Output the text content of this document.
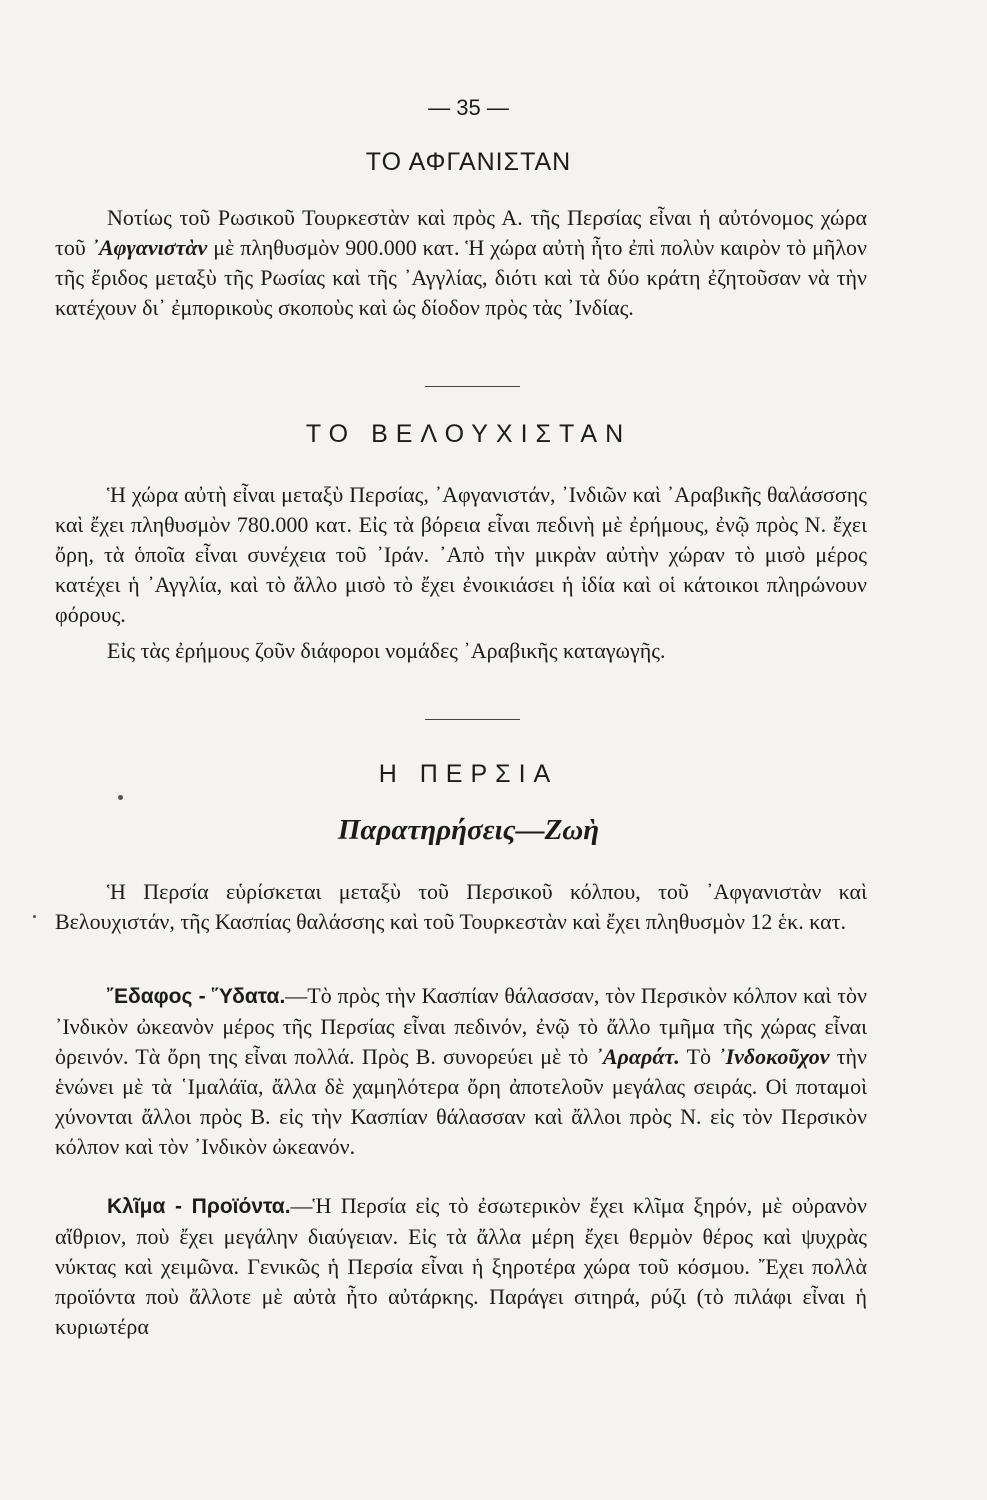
— 35 —
ΤΟ ΑΦΓΑΝΙΣΤΑΝ

Νοτίως τοῦ Ρωσικοῦ Τουρκεστὰν καὶ πρὸς Α. τῆς Περσίας εἶναι ἡ αὐτόνομος χώρα τοῦ ᾿Αφγανιστὰν μὲ πληθυσμὸν 900.000 κατ. Ἡ χώρα αὐτὴ ἦτο ἐπὶ πολὺν καιρὸν τὸ μῆλον τῆς ἔριδος μεταξὺ τῆς Ρωσίας καὶ τῆς ᾿Αγγλίας, διότι καὶ τὰ δύο κράτη ἐζητοῦσαν νὰ τὴν κατέχουν δι᾿ ἐμπορικοὺς σκοποὺς καὶ ὡς δίοδον πρὸς τὰς ᾿Ινδίας.

ΤΟ ΒΕΛΟΥΧΙΣΤΑΝ

Ἡ χώρα αὐτὴ εἶναι μεταξὺ Περσίας, ᾿Αφγανιστάν, ᾿Ινδιῶν καὶ ᾿Αραβικῆς θαλάσσσης καὶ ἔχει πληθυσμὸν 780.000 κατ. Εἰς τὰ βόρεια εἶναι πεδινὴ μὲ ἐρήμους, ἐνῷ πρὸς Ν. ἔχει ὄρη, τὰ ὁποῖα εἶναι συνέχεια τοῦ ᾿Ιράν. ᾿Απὸ τὴν μικρὰν αὐτὴν χώραν τὸ μισὸ μέρος κατέχει ἡ ᾿Αγγλία, καὶ τὸ ἄλλο μισὸ τὸ ἔχει ἐνοικιάσει ἡ ἰδία καὶ οἱ κάτοικοι πληρώνουν φόρους.

Εἰς τὰς ἐρήμους ζοῦν διάφοροι νομάδες ᾿Αραβικῆς καταγωγῆς.

Η ΠΕΡΣΙΑ
Παρατηρήσεις—Ζωὴ

Ἡ Περσία εὑρίσκεται μεταξὺ τοῦ Περσικοῦ κόλπου, τοῦ ᾿Αφγανιστὰν καὶ Βελουχιστάν, τῆς Κασπίας θαλάσσης καὶ τοῦ Τουρκεστὰν καὶ ἔχει πληθυσμὸν 12 ἑκ. κατ.

῎Εδαφος - ῞Υδατα.—Τὸ πρὸς τὴν Κασπίαν θάλασσαν, τὸν Περσικὸν κόλπον καὶ τὸν ᾿Ινδικὸν ὠκεανὸν μέρος τῆς Περσίας εἶναι πεδινόν, ἐνῷ τὸ ἄλλο τμῆμα τῆς χώρας εἶναι ὀρεινόν. Τὰ ὄρη της εἶναι πολλά. Πρὸς Β. συνορεύει μὲ τὸ ᾿Αραράτ. Τὸ ᾿Ινδοκοῦχον τὴν ἑνώνει μὲ τὰ ῾Ιμαλάϊα, ἄλλα δὲ χαμηλότερα ὄρη ἀποτελοῦν μεγάλας σειράς. Οἱ ποταμοὶ χύνονται ἄλλοι πρὸς Β. εἰς τὴν Κασπίαν θάλασσαν καὶ ἄλλοι πρὸς Ν. εἰς τὸν Περσικὸν κόλπον καὶ τὸν ᾿Ινδικὸν ὠκεανόν.

Κλῖμα - Προϊόντα.—Ἡ Περσία εἰς τὸ ἐσωτερικὸν ἔχει κλῖμα ξηρόν, μὲ οὐρανὸν αἴθριον, ποὺ ἔχει μεγάλην διαύγειαν. Εἰς τὰ ἄλλα μέρη ἔχει θερμὸν θέρος καὶ ψυχρὰς νύκτας καὶ χειμῶνα. Γενικῶς ἡ Περσία εἶναι ἡ ξηροτέρα χώρα τοῦ κόσμου. ῎Εχει πολλὰ προϊόντα ποὺ ἄλλοτε μὲ αὐτὰ ἦτο αὐτάρκης. Παράγει σιτηρά, ρύζι (τὸ πιλάφι εἶναι ἡ κυριωτέρα
